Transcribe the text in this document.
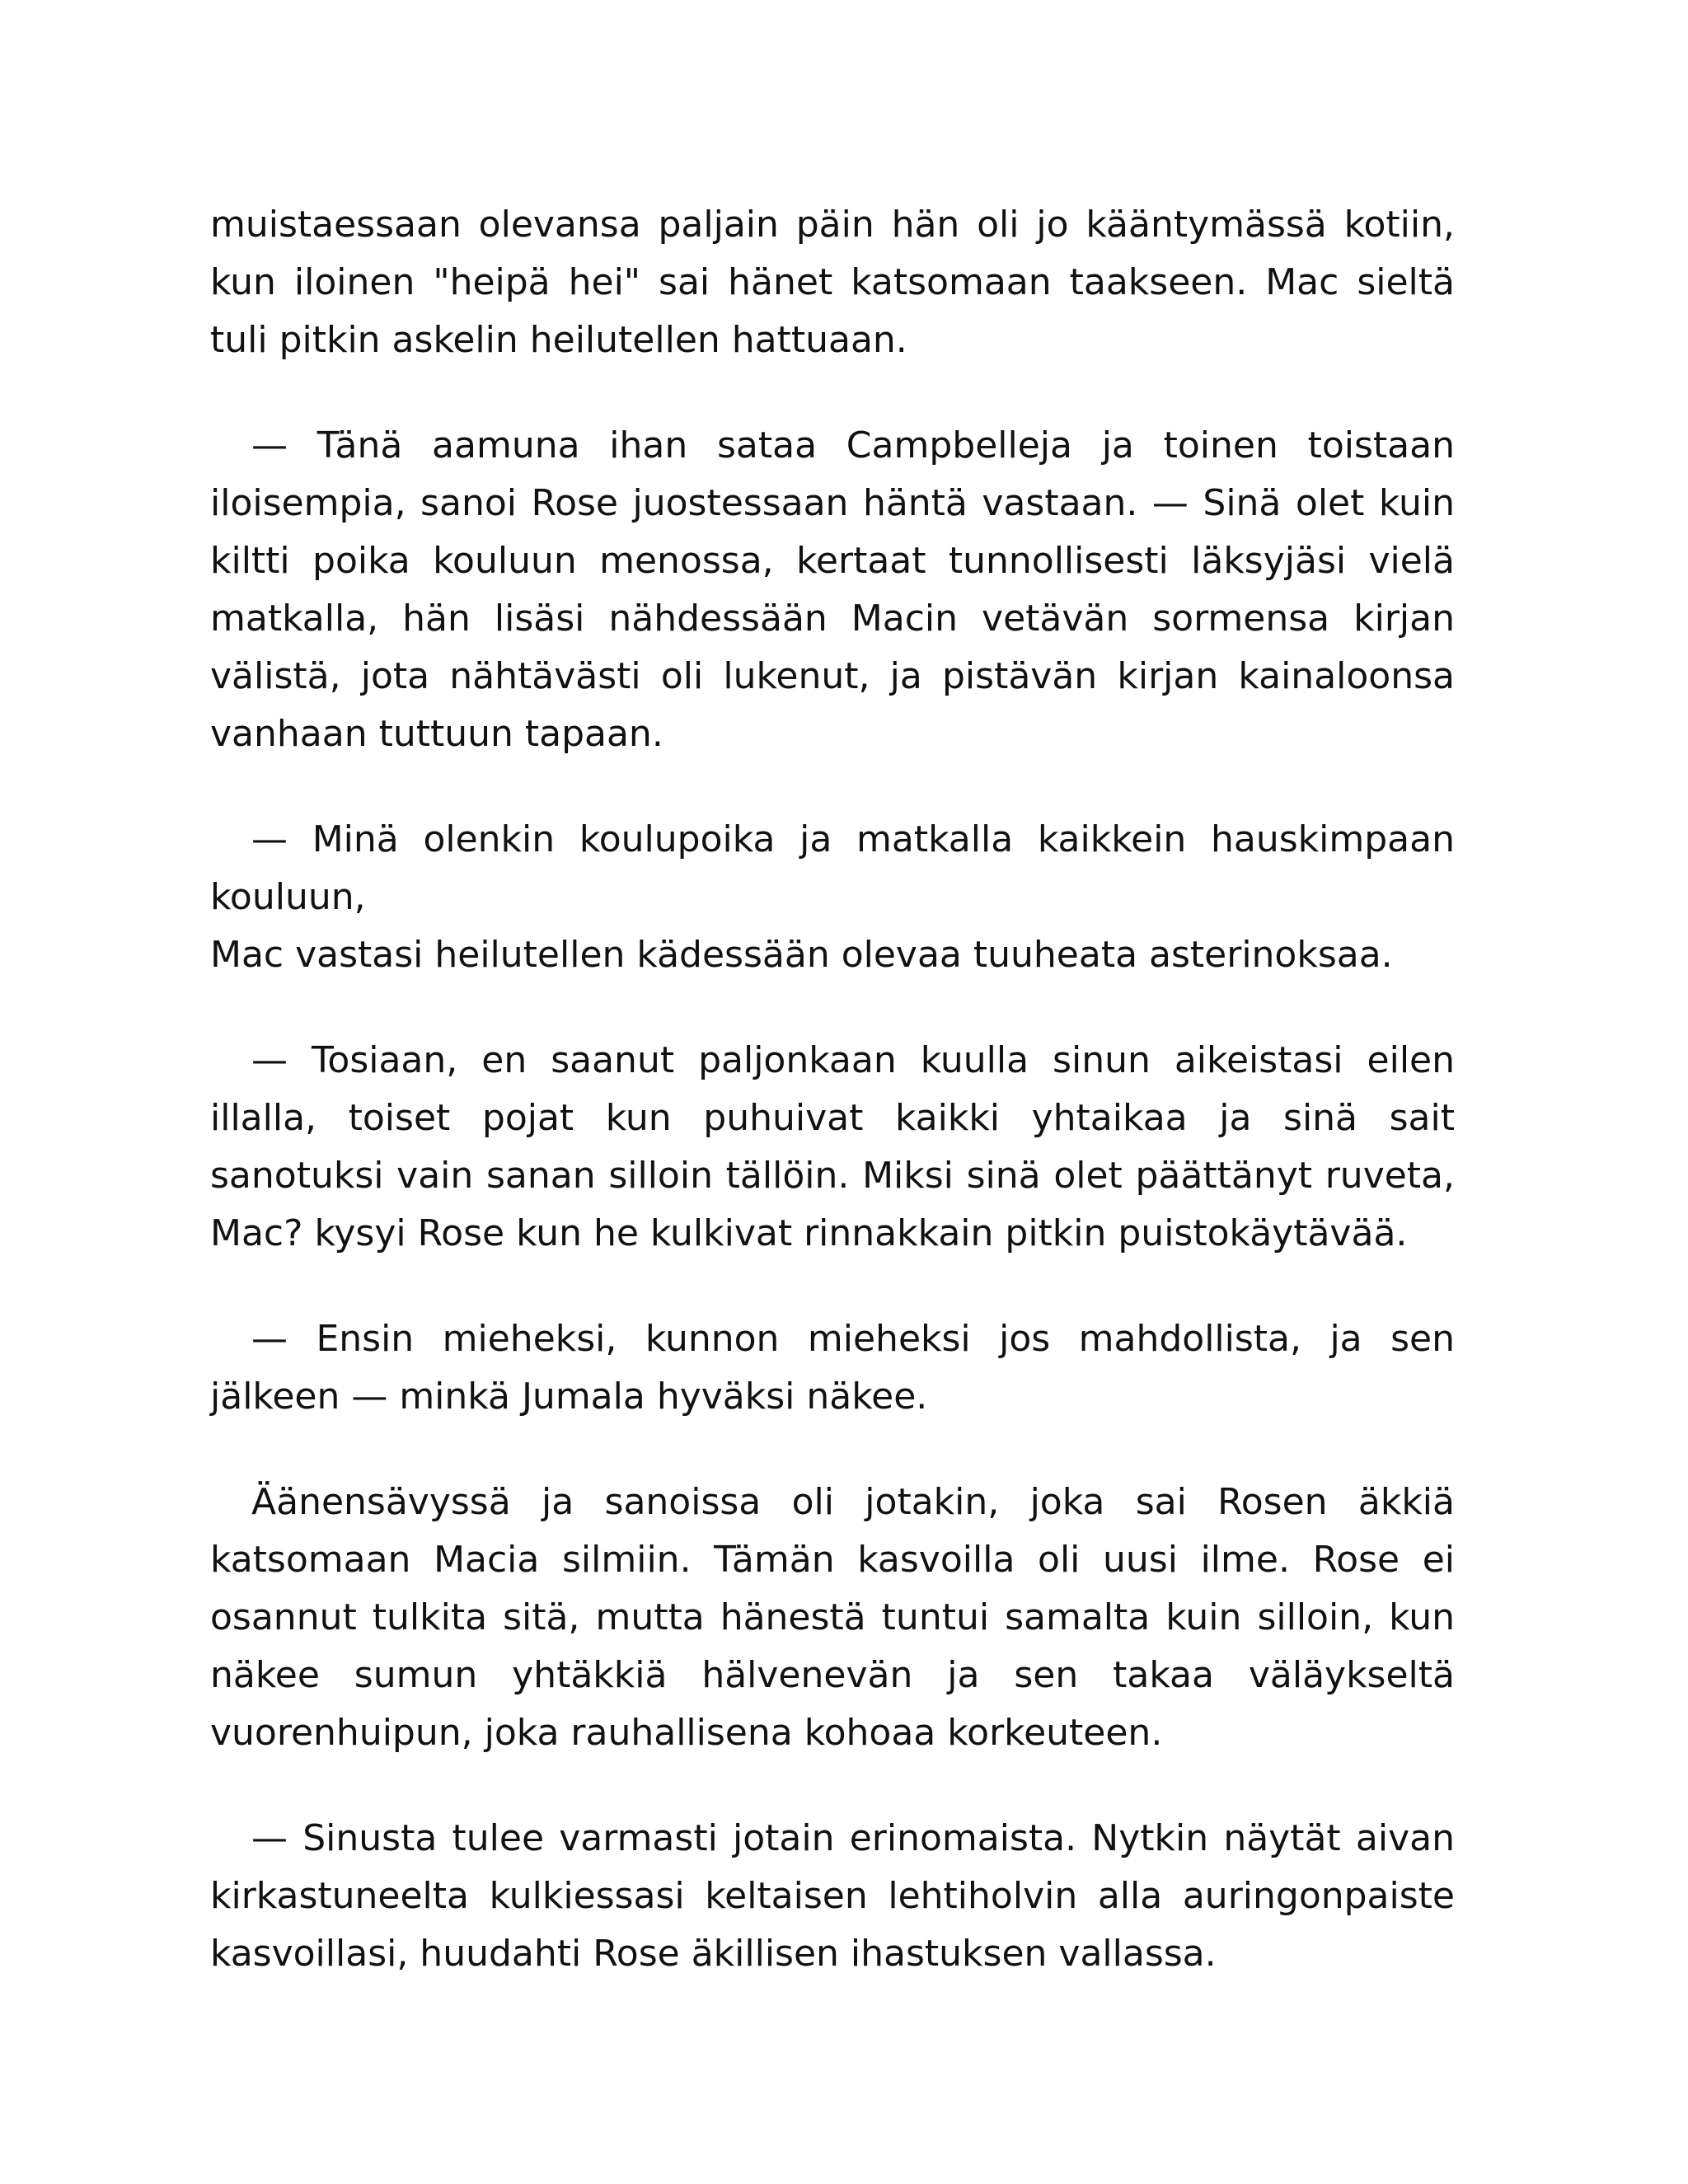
muistaessaan olevansa paljain päin hän oli jo kääntymässä kotiin, kun iloinen "heipä hei" sai hänet katsomaan taakseen. Mac sieltä tuli pitkin askelin heilutellen hattuaan.

— Tänä aamuna ihan sataa Campbelleja ja toinen toistaan iloisempia, sanoi Rose juostessaan häntä vastaan. — Sinä olet kuin kiltti poika kouluun menossa, kertaat tunnollisesti läksyjäsi vielä matkalla, hän lisäsi nähdessään Macin vetävän sormensa kirjan välistä, jota nähtävästi oli lukenut, ja pistävän kirjan kainaloonsa vanhaan tuttuun tapaan.

— Minä olenkin koulupoika ja matkalla kaikkein hauskimpaan kouluun,
Mac vastasi heilutellen kädessään olevaa tuuheata asterinoksaa.

— Tosiaan, en saanut paljonkaan kuulla sinun aikeistasi eilen illalla, toiset pojat kun puhuivat kaikki yhtaikaa ja sinä sait sanotuksi vain sanan silloin tällöin. Miksi sinä olet päättänyt ruveta, Mac? kysyi Rose kun he kulkivat rinnakkain pitkin puistokäytävää.

— Ensin mieheksi, kunnon mieheksi jos mahdollista, ja sen jälkeen — minkä Jumala hyväksi näkee.

Äänensävyssä ja sanoissa oli jotakin, joka sai Rosen äkkiä katsomaan Macia silmiin. Tämän kasvoilla oli uusi ilme. Rose ei osannut tulkita sitä, mutta hänestä tuntui samalta kuin silloin, kun näkee sumun yhtäkkiä hälvenevän ja sen takaa väläykseltä vuorenhuipun, joka rauhallisena kohoaa korkeuteen.

— Sinusta tulee varmasti jotain erinomaista. Nytkin näytät aivan kirkastuneelta kulkiessasi keltaisen lehtiholvin alla auringonpaiste kasvoillasi, huudahti Rose äkillisen ihastuksen vallassa.
